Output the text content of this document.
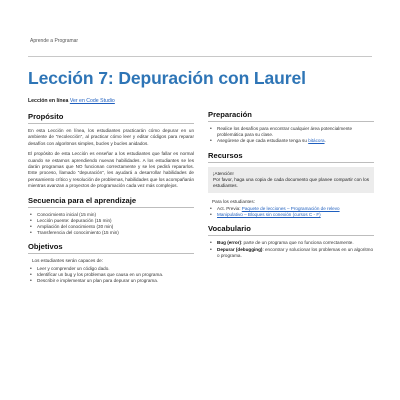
Aprende a Programar
Lección 7: Depuración con Laurel
Lección en línea Ver en Code Studio
Propósito

En esta Lección en línea, los estudiantes practicarán cómo depurar en un ambiente de "recolección", al practicar cómo leer y editar códigos para reparar desafíos con algoritmos simples, bucles y bucles anidados.

El propósito de esta Lección es enseñar a los estudiantes que fallar es normal cuando se estamos aprendiendo nuevas habilidades. A los estudiantes se les darán programas que NO funcionan correctamente y se les pedirá repararlos. Este proceso, llamado "depuración", les ayudará a desarrollar habilidades de pensamiento crítico y resolución de problemas, habilidades que los acompañarán mientras avanzan a proyectos de programación cada vez más complejos.

Secuencia para el aprendizaje
• Conocimiento inicial (15 min)
• Lección puente: depuración (15 min)
• Ampliación del conocimiento (30 min)
• Transferencia del conocimiento (15 min)
Objetivos

Los estudiantes serán capaces de:

• Leer y comprender un código dado.
• Identificar un bug y los problemas que causa en un programa.
• Describir e implementar un plan para depurar un programa.
Preparación
• Realice los desafíos para encontrar cualquier área potencialmente problemática para su clase.
• Asegúrese de que cada estudiante tenga su bitácora.
Recursos

¡Atención!

Por favor, haga una copia de cada documento que planee compartir con los estudiantes.

Para los estudiantes:

• Act. Previa: Paquete de lecciones – Programación de relevo
• Manipulativo – Bloques sin conexión (cursos C - F)
Vocabulario
• Bug (error): parte de un programa que no funciona correctamente.
• Depurar (debugging): encontrar y solucionar los problemas en un algoritmo o programa.
